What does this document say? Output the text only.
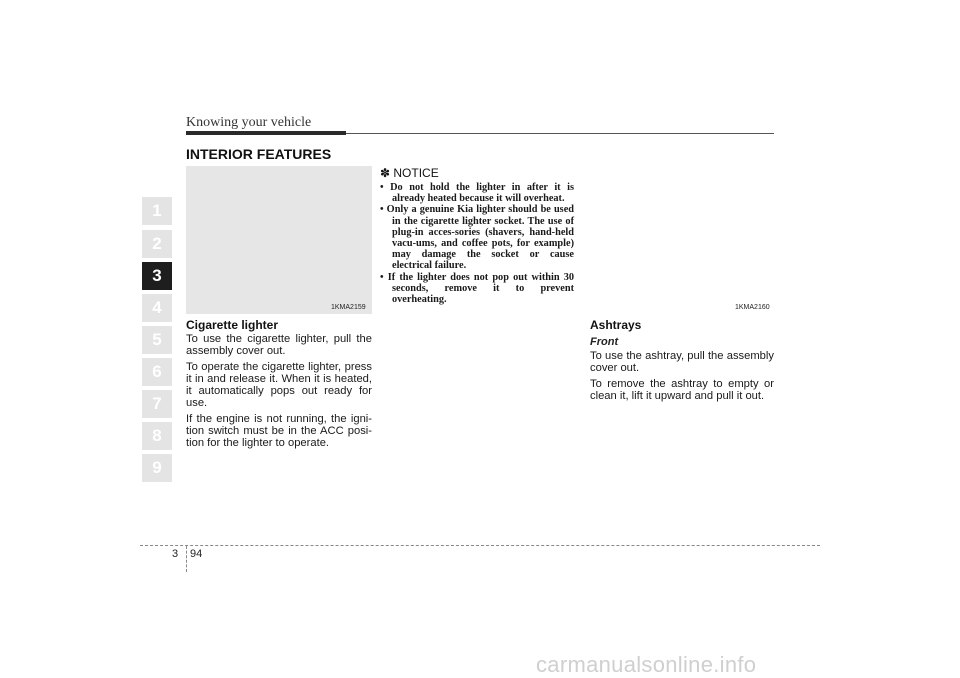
Knowing your vehicle
INTERIOR FEATURES
1
2
3
4
5
6
7
8
9
1KMA2159
Cigarette lighter

To use the cigarette lighter, pull the assembly cover out.

To operate the cigarette lighter, press it in and release it. When it is heated, it automatically pops out ready for use.

If the engine is not running, the igni-tion switch must be in the ACC posi-tion for the lighter to operate.

✽ NOTICE
• Do not hold the lighter in after it is already heated because it will overheat.
• Only a genuine Kia lighter should be used in the cigarette lighter socket. The use of plug-in acces-sories (shavers, hand-held vacu-ums, and coffee pots, for example) may damage the socket or cause electrical failure.
• If the lighter does not pop out within 30 seconds, remove it to prevent overheating.
1KMA2160
Ashtrays
Front

To use the ashtray, pull the assembly cover out.

To remove the ashtray to empty or clean it, lift it upward and pull it out.

3 94
carmanualsonline.info
